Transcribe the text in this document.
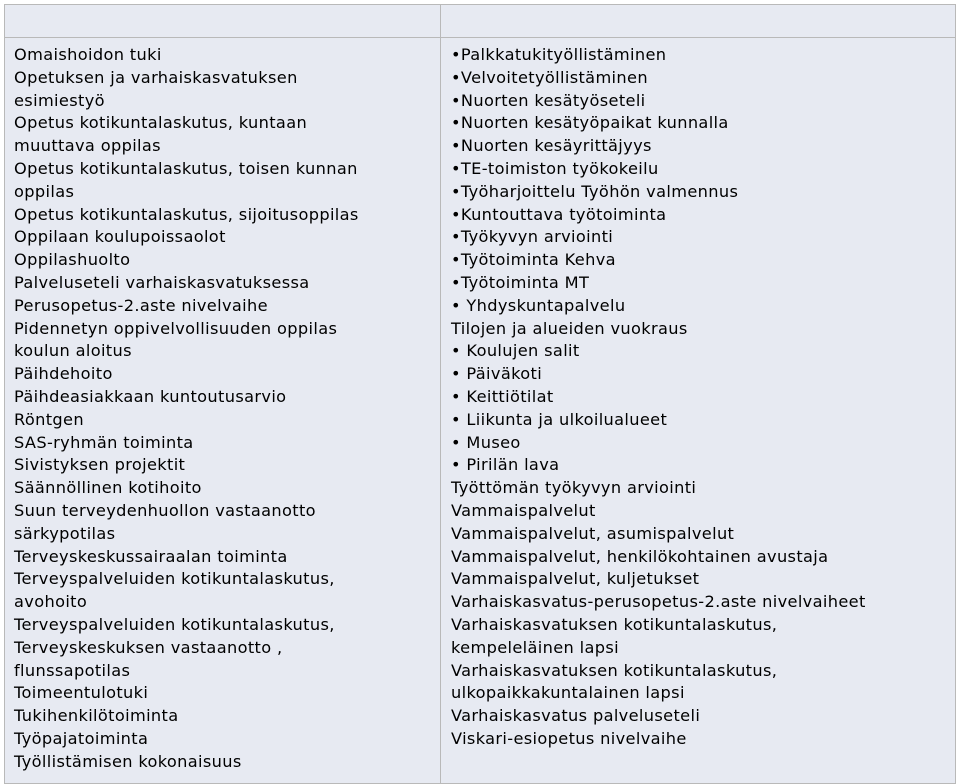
Omaishoidon tuki
Opetuksen ja varhaiskasvatuksen
esimiestyö
Opetus kotikuntalaskutus, kuntaan
muuttava oppilas
Opetus kotikuntalaskutus, toisen kunnan
oppilas
Opetus kotikuntalaskutus, sijoitusoppilas
Oppilaan koulupoissaolot
Oppilashuolto
Palveluseteli varhaiskasvatuksessa
Perusopetus-2.aste nivelvaihe
Pidennetyn oppivelvollisuuden oppilas
koulun aloitus
Päihdehoito
Päihdeasiakkaan kuntoutusarvio
Röntgen
SAS-ryhmän toiminta
Sivistyksen projektit
Säännöllinen kotihoito
Suun terveydenhuollon vastaanotto
särkypotilas
Terveyskeskussairaalan toiminta
Terveyspalveluiden kotikuntalaskutus,
avohoito
Terveyspalveluiden kotikuntalaskutus,
Terveyskeskuksen vastaanotto ,
flunssapotilas
Toimeentulotuki
Tukihenkilötoiminta
Työpajatoiminta
Työllistämisen kokonaisuus
• Palkkatukityöllistäminen
• Velvoitetyöllistäminen
• Nuorten kesätyöseteli
• Nuorten kesätyöpaikat kunnalla
• Nuorten kesäyrittäjyys
• TE-toimiston työkokeilu
• Työharjoittelu Työhön valmennus
• Kuntouttava työtoiminta
• Työkyvyn arviointi
• Työtoiminta Kehva
• Työtoiminta MT
• Yhdyskuntapalvelu
Tilojen ja alueiden vuokraus
• Koulujen salit
• Päiväkoti
• Keittiötilat
• Liikunta ja ulkoilualueet
• Museo
• Pirilän lava
Työttömän työkyvyn arviointi
Vammaispalvelut
Vammaispalvelut, asumispalvelut
Vammaispalvelut, henkilökohtainen avustaja
Vammaispalvelut, kuljetukset
Varhaiskasvatus-perusopetus-2.aste nivelvaiheet
Varhaiskasvatuksen kotikuntalaskutus,
kempeleläinen lapsi
Varhaiskasvatuksen kotikuntalaskutus,
ulkopaikkakuntalainen lapsi
Varhaiskasvatus palveluseteli
Viskari-esiopetus nivelvaihe
